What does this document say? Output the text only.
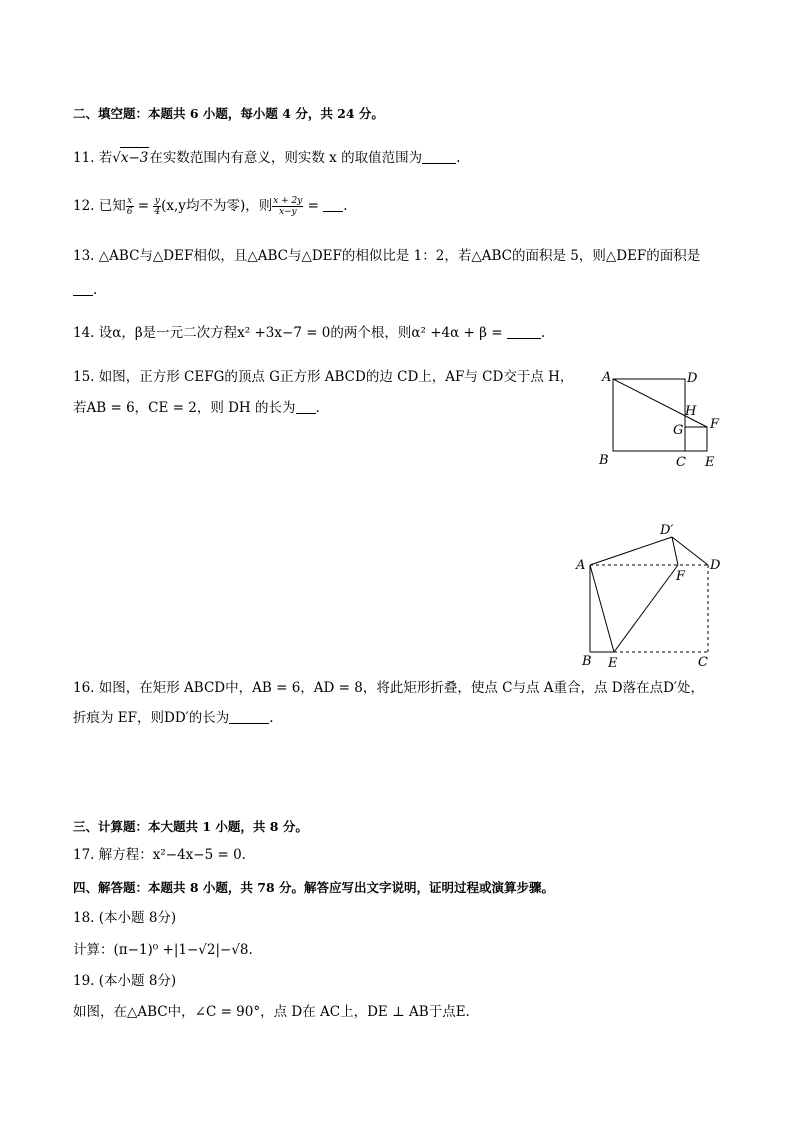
二、填空题：本题共 6 小题，每小题 4 分，共 24 分。
11. 若√x−3在实数范围内有意义，则实数 x 的取值范围为	.
12. 已知 $\frac{x}{6} = \frac{y}{4} (x,y$均不为零)，则 $\frac{x + 2y}{x-y}$ = .
13. △ABC与△DEF相似，且△ABC与△DEF的相似比是 1：2，若△ABC的面积是 5，则△DEF的面积是
.
14. 设α，β是一元二次方程x² +3x−7 = 0的两个根，则α² +4α + β =	.
15. 如图，正方形 CEFG的顶点 G正方形 ABCD的边 CD上，AF与 CD交于点 H，
若AB = 6，CE = 2，则 DH 的长为 .
A	D
H
F
G
B	C E
D′
A	D
F
B E	C
16. 如图，在矩形 ABCD中，AB = 6，AD = 8，将此矩形折叠，使点 C与点 A重合，点 D落在点D′处，
折痕为 EF，则DD′的长为	.
三、计算题：本大题共 1 小题，共 8 分。
17. 解方程：x²−4x−5 = 0.
四、解答题：本题共 8 小题，共 78 分。解答应写出文字说明，证明过程或演算步骤。
18. (本小题 8分)
计算：(π−1)⁰ +|1−√2|−√8.
19. (本小题 8分)
如图，在△ABC中，∠C = 90°，点 D在 AC上，DE ⊥ AB于点E.
